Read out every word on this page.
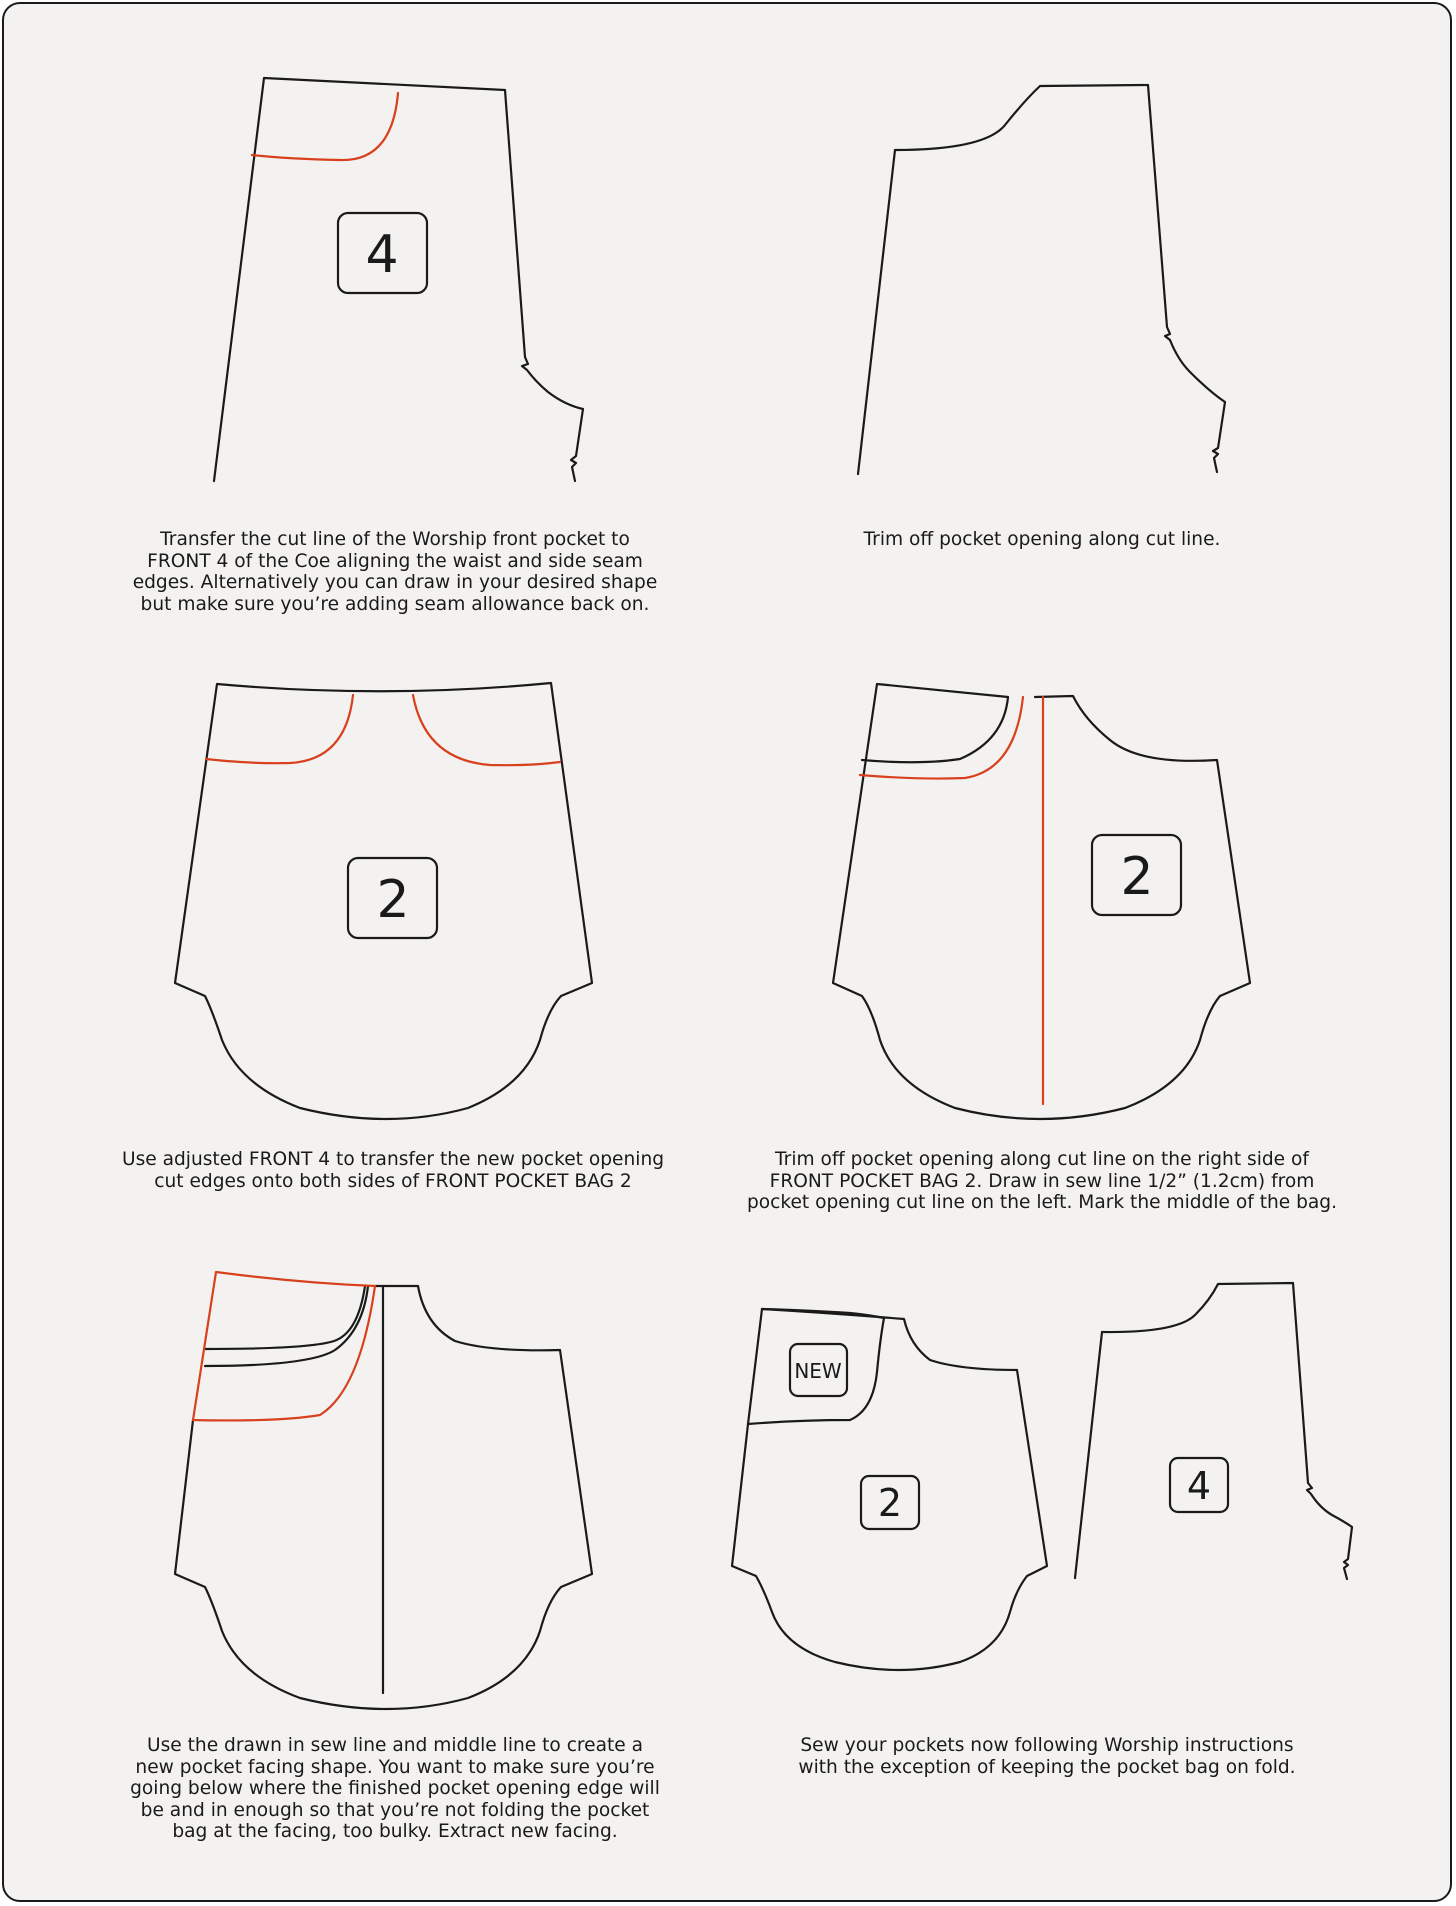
4
2	2
NEW
2	4
Transfer the cut line of the Worship front pocket to
FRONT 4 of the Coe aligning the waist and side seam
edges. Alternatively you can draw in your desired shape
but make sure you’re adding seam allowance back on.
Trim off pocket opening along cut line.
Use adjusted FRONT 4 to transfer the new pocket opening
cut edges onto both sides of FRONT POCKET BAG 2
Trim off pocket opening along cut line on the right side of
FRONT POCKET BAG 2. Draw in sew line 1/2” (1.2cm) from
pocket opening cut line on the left. Mark the middle of the bag.
Use the drawn in sew line and middle line to create a
new pocket facing shape. You want to make sure you’re
going below where the finished pocket opening edge will
be and in enough so that you’re not folding the pocket
bag at the facing, too bulky. Extract new facing.
Sew your pockets now following Worship instructions
with the exception of keeping the pocket bag on fold.
